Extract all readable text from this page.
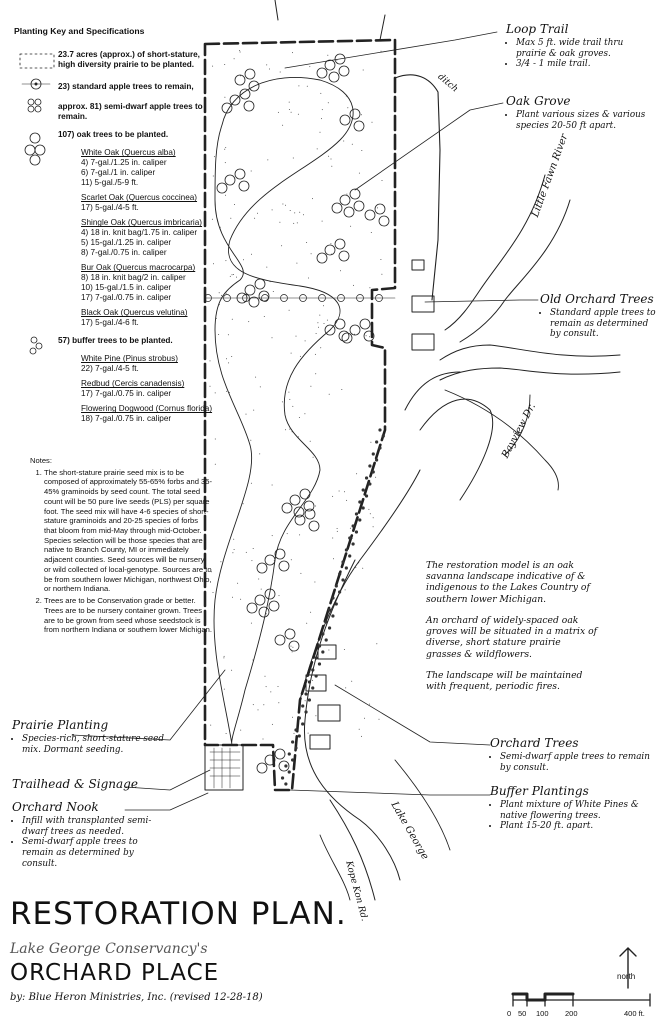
Planting Key and Specifications
23.7 acres (approx.) of short-stature, high diversity prairie to be planted.
23) standard apple trees to remain,
approx. 81) semi-dwarf apple trees to remain.
107) oak trees to be planted.
White Oak (Quercus alba)
4) 7-gal./1.25 in. caliper
6) 7-gal./1 in. caliper
11) 5-gal./5-9 ft.
Scarlet Oak (Quercus coccinea)
17) 5-gal./4-5 ft.
Shingle Oak (Quercus imbricaria)
4) 18 in. knit bag/1.75 in. caliper
5) 15-gal./1.25 in. caliper
8) 7-gal./0.75 in. caliper
Bur Oak (Quercus macrocarpa)
8) 18 in. knit bag/2 in. caliper
10) 15-gal./1.5 in. caliper
17) 7-gal./0.75 in. caliper
Black Oak (Quercus velutina)
17) 5-gal./4-6 ft.
57) buffer trees to be planted.
White Pine (Pinus strobus)
22) 7-gal./4-5 ft.
Redbud (Cercis canadensis)
17) 7-gal./0.75 in. caliper
Flowering Dogwood (Cornus florida)
18) 7-gal./0.75 in. caliper
Notes:
1. The short-stature prairie seed mix is to be composed of approximately 55-65% forbs and 35-45% graminoids by seed count. The total seed count will be 50 pure live seeds (PLS) per square foot. The seed mix will have 4-6 species of short-stature graminoids and 20-25 species of forbs that bloom from mid-May through mid-October. Species selection will be those species that are native to Branch County, MI or immediately adjacent counties. Seed sources will be nursery or wild collected of local-genotype. Sources are to be from southern lower Michigan, northwest Ohio, or northern Indiana.
2. Trees are to be Conservation grade or better. Trees are to be nursery container grown. Trees are to be grown from seed whose seedstock is from northern Indiana or southern lower Michigan.
Loop Trail
• Max 5 ft. wide trail thru prairie & oak groves.
• 3/4 - 1 mile trail.
Oak Grove
• Plant various sizes & various species 20-50 ft apart.
Old Orchard Trees
• Standard apple trees to remain as determined by consult.
Prairie Planting
• Species-rich, short-stature seed mix. Dormant seeding.
Trailhead & Signage
Orchard Nook
• Infill with transplanted semi-dwarf trees as needed.
• Semi-dwarf apple trees to remain as determined by consult.
Orchard Trees
• Semi-dwarf apple trees to remain by consult.
Buffer Plantings
• Plant mixture of White Pines & native flowering trees.
• Plant 15-20 ft. apart.
ditch
Little Fawn River
Bayview Dr.
Lake George
Kope Kon Rd.

The restoration model is an oak savanna landscape indicative of & indigenous to the Lakes Country of southern lower Michigan.

An orchard of widely-spaced oak groves will be situated in a matrix of diverse, short stature prairie grasses & wildflowers.

The landscape will be maintained with frequent, periodic fires.

RESTORATION PLAN.
Lake George Conservancy's
ORCHARD PLACE
by: Blue Heron Ministries, Inc. (revised 12-28-18)
north
0 50 100 200	400 ft.
